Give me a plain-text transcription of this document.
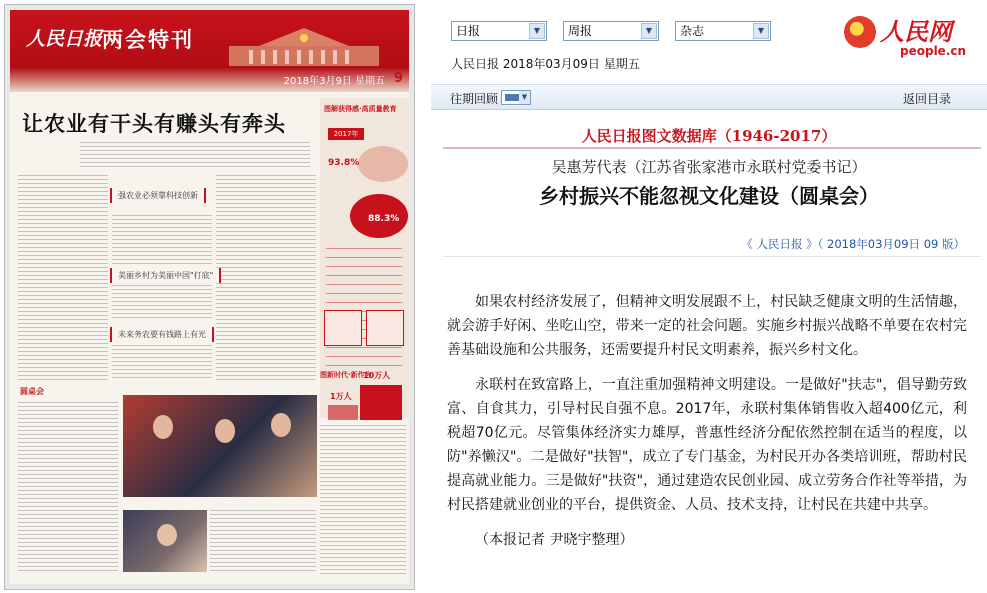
人民日报 两会特刊
2018年3月9日 星期五 9
让农业有干头有赚头有奔头
强农业必须靠科技创新
美丽乡村为美丽中国"打底"
未来务农要有钱路上有光
图解获得感·高质量教育
2017年
93.8%
88.3%
图新时代·新作为
1万人
10万人
圆桌会
日报	▼	周报	▼	杂志	▼
人民日报 2018年03月09日 星期五
人民网
people.cn
往期回顾	▼	返回目录
人民日报图文数据库（1946-2017）
吴惠芳代表（江苏省张家港市永联村党委书记）
乡村振兴不能忽视文化建设（圆桌会）
《 人民日报 》（ 2018年03月09日 09 版）

如果农村经济发展了，但精神文明发展跟不上，村民缺乏健康文明的生活情趣，就会游手好闲、坐吃山空，带来一定的社会问题。实施乡村振兴战略不单要在农村完善基础设施和公共服务，还需要提升村民文明素养，振兴乡村文化。

永联村在致富路上，一直注重加强精神文明建设。一是做好"扶志"，倡导勤劳致富、自食其力，引导村民自强不息。2017年，永联村集体销售收入超400亿元，利税超70亿元。尽管集体经济实力雄厚，普惠性经济分配依然控制在适当的程度，以防"养懒汉"。二是做好"扶智"，成立了专门基金，为村民开办各类培训班，帮助村民提高就业能力。三是做好"扶资"，通过建造农民创业园、成立劳务合作社等举措，为村民搭建就业创业的平台，提供资金、人员、技术支持，让村民在共建中共享。

（本报记者 尹晓宇整理）
